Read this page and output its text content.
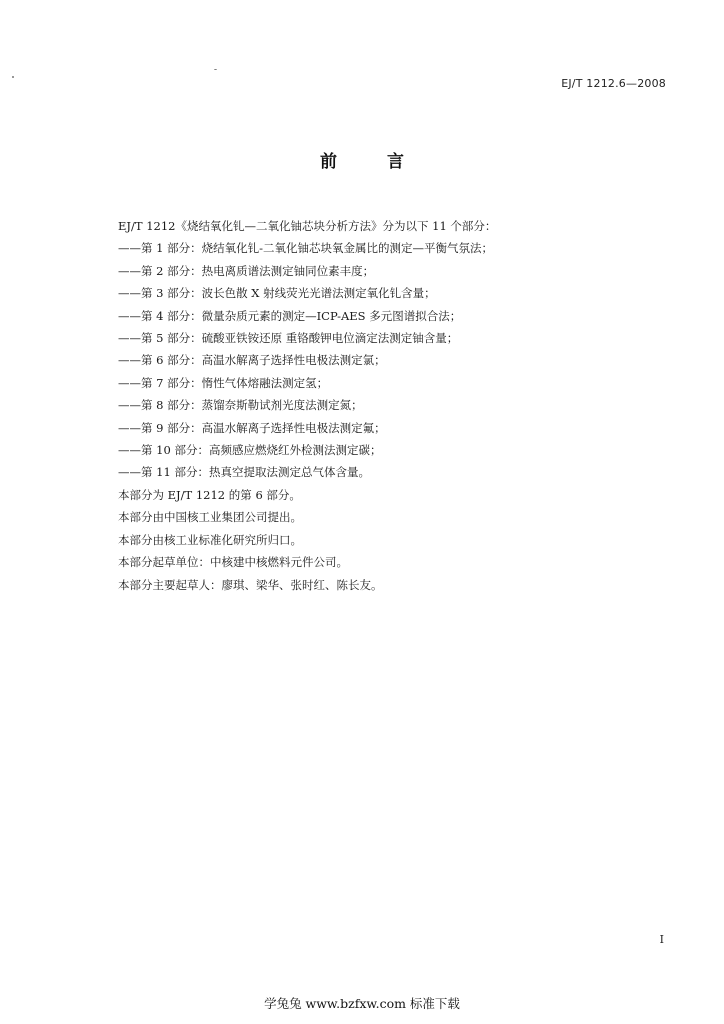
EJ/T 1212.6—2008
前 言
EJ/T 1212《烧结氧化钆—二氧化铀芯块分析方法》分为以下 11 个部分：
——第 1 部分：烧结氧化钆-二氧化铀芯块氧金属比的测定—平衡气氛法；
——第 2 部分：热电离质谱法测定铀同位素丰度；
——第 3 部分：波长色散 X 射线荧光光谱法测定氧化钆含量；
——第 4 部分：微量杂质元素的测定—ICP-AES 多元图谱拟合法；
——第 5 部分：硫酸亚铁铵还原 重铬酸钾电位滴定法测定铀含量；
——第 6 部分：高温水解离子选择性电极法测定氯；
——第 7 部分：惰性气体熔融法测定氢；
——第 8 部分：蒸馏奈斯勒试剂光度法测定氮；
——第 9 部分：高温水解离子选择性电极法测定氟；
——第 10 部分：高频感应燃烧红外检测法测定碳；
——第 11 部分：热真空提取法测定总气体含量。
本部分为 EJ/T 1212 的第 6 部分。
本部分由中国核工业集团公司提出。
本部分由核工业标准化研究所归口。
本部分起草单位：中核建中核燃料元件公司。
本部分主要起草人：廖琪、梁华、张时红、陈长友。
I
学兔兔 www.bzfxw.com 标准下载
